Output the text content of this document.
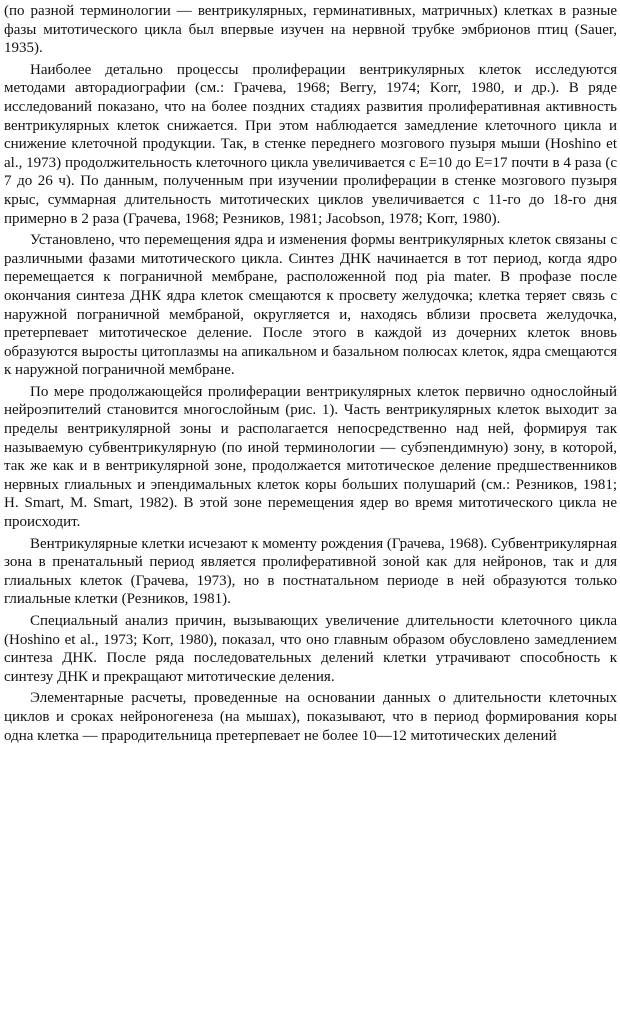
(по разной терминологии — вентрикулярных, герминативных, матричных) клетках в разные фазы митотического цикла был впервые изучен на нервной трубке эмбрионов птиц (Sauer, 1935).

Наиболее детально процессы пролиферации вентрикулярных клеток исследуются методами авторадиографии (см.: Грачева, 1968; Berry, 1974; Korr, 1980, и др.). В ряде исследований показано, что на более поздних стадиях развития пролиферативная активность вентрикулярных клеток снижается. При этом наблюдается замедление клеточного цикла и снижение клеточной продукции. Так, в стенке переднего мозгового пузыря мыши (Hoshino et al., 1973) продолжительность клеточного цикла увеличивается с E=10 до E=17 почти в 4 раза (с 7 до 26 ч). По данным, полученным при изучении пролиферации в стенке мозгового пузыря крыс, суммарная длительность митотических циклов увеличивается с 11-го до 18-го дня примерно в 2 раза (Грачева, 1968; Резников, 1981; Jacobson, 1978; Korr, 1980).

Установлено, что перемещения ядра и изменения формы вентрикулярных клеток связаны с различными фазами митотического цикла. Синтез ДНК начинается в тот период, когда ядро перемещается к пограничной мембране, расположенной под pia mater. В профазе после окончания синтеза ДНК ядра клеток смещаются к просвету желудочка; клетка теряет связь с наружной пограничной мембраной, округляется и, находясь вблизи просвета желудочка, претерпевает митотическое деление. После этого в каждой из дочерних клеток вновь образуются выросты цитоплазмы на апикальном и базальном полюсах клеток, ядра смещаются к наружной пограничной мембране.

По мере продолжающейся пролиферации вентрикулярных клеток первично однослойный нейроэпителий становится многослойным (рис. 1). Часть вентрикулярных клеток выходит за пределы вентрикулярной зоны и располагается непосредственно над ней, формируя так называемую субвентрикулярную (по иной терминологии — субэпендимную) зону, в которой, так же как и в вентрикулярной зоне, продолжается митотическое деление предшественников нервных глиальных и эпендимальных клеток коры больших полушарий (см.: Резников, 1981; H. Smart, M. Smart, 1982). В этой зоне перемещения ядер во время митотического цикла не происходит.

Вентрикулярные клетки исчезают к моменту рождения (Грачева, 1968). Субвентрикулярная зона в пренатальный период является пролиферативной зоной как для нейронов, так и для глиальных клеток (Грачева, 1973), но в постнатальном периоде в ней образуются только глиальные клетки (Резников, 1981).

Специальный анализ причин, вызывающих увеличение длительности клеточного цикла (Hoshino et al., 1973; Korr, 1980), показал, что оно главным образом обусловлено замедлением синтеза ДНК. После ряда последовательных делений клетки утрачивают способность к синтезу ДНК и прекращают митотические деления.

Элементарные расчеты, проведенные на основании данных о длительности клеточных циклов и сроках нейроногенеза (на мышах), показывают, что в период формирования коры одна клетка — прародительница претерпевает не более 10—12 митотических делений
